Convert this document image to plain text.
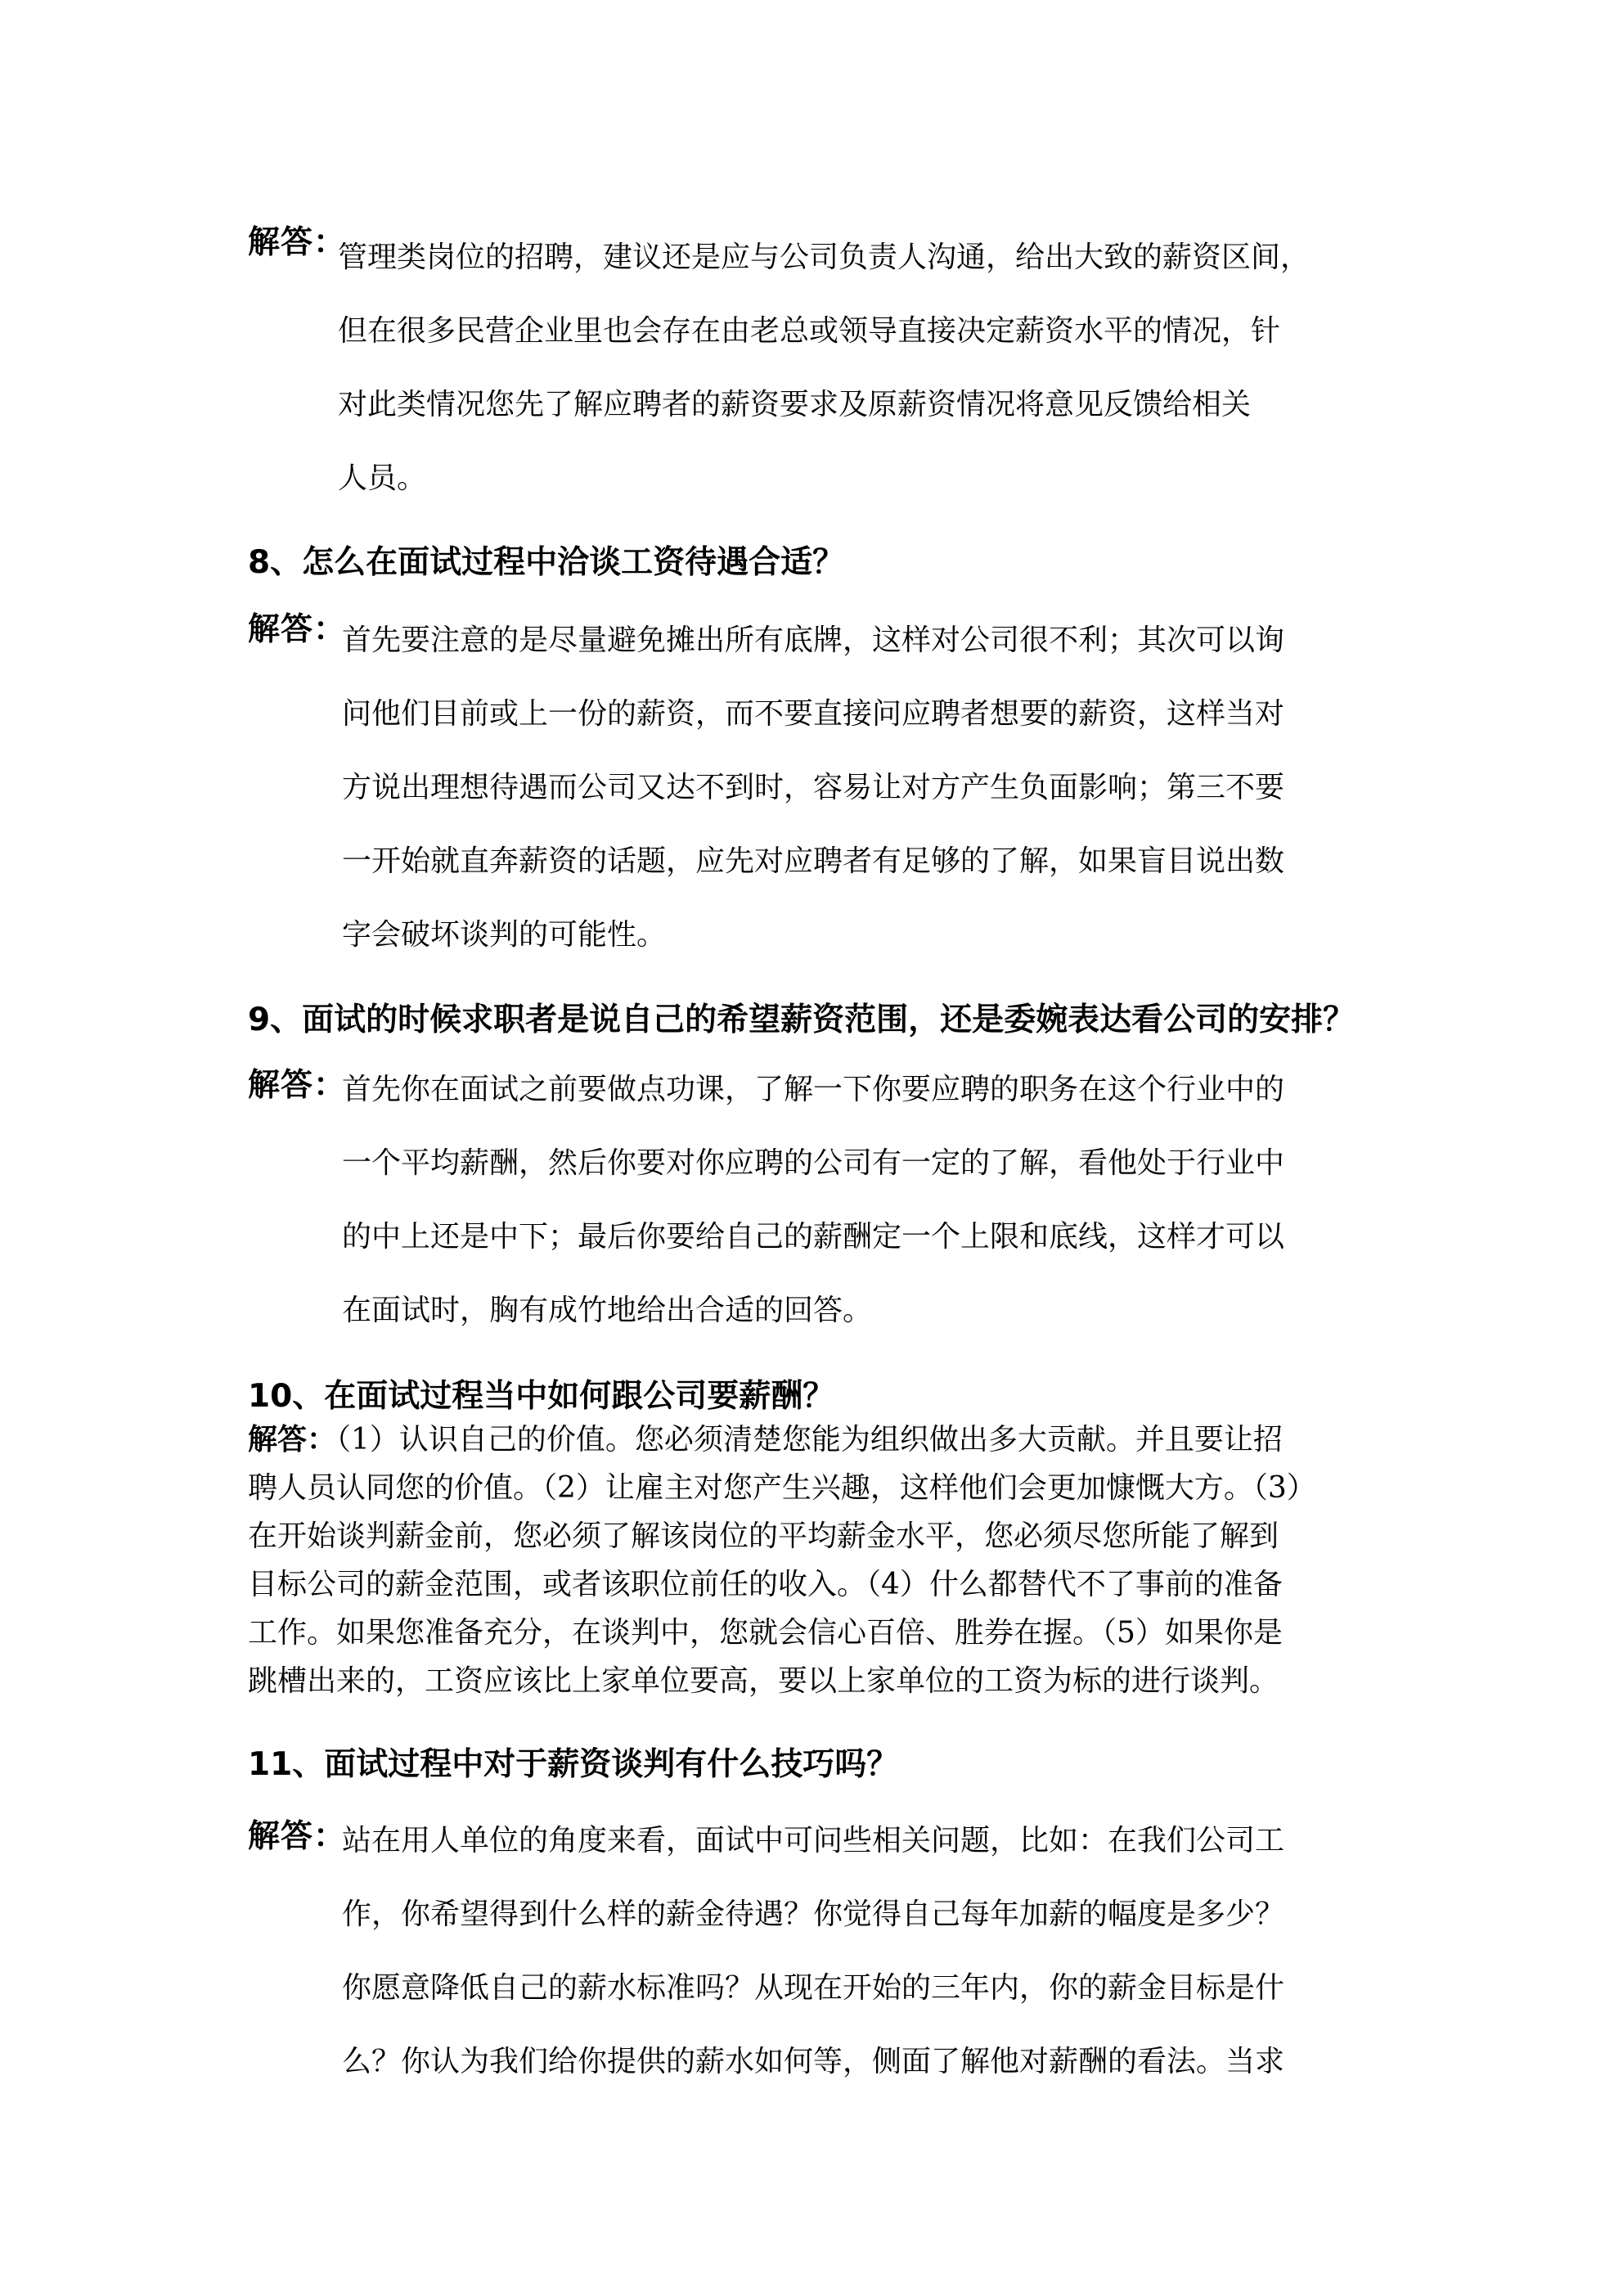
解答：
管理类岗位的招聘，建议还是应与公司负责人沟通，给出大致的薪资区间，
但在很多民营企业里也会存在由老总或领导直接决定薪资水平的情况，针
对此类情况您先了解应聘者的薪资要求及原薪资情况将意见反馈给相关
人员。
8、怎么在面试过程中洽谈工资待遇合适？
解答：
首先要注意的是尽量避免摊出所有底牌，这样对公司很不利；其次可以询
问他们目前或上一份的薪资，而不要直接问应聘者想要的薪资，这样当对
方说出理想待遇而公司又达不到时，容易让对方产生负面影响；第三不要
一开始就直奔薪资的话题，应先对应聘者有足够的了解，如果盲目说出数
字会破坏谈判的可能性。
9、面试的时候求职者是说自己的希望薪资范围，还是委婉表达看公司的安排？
解答：
首先你在面试之前要做点功课，了解一下你要应聘的职务在这个行业中的
一个平均薪酬，然后你要对你应聘的公司有一定的了解，看他处于行业中
的中上还是中下；最后你要给自己的薪酬定一个上限和底线，这样才可以
在面试时，胸有成竹地给出合适的回答。
10、在面试过程当中如何跟公司要薪酬？
解答：（1）认识自己的价值。您必须清楚您能为组织做出多大贡献。并且要让招
聘人员认同您的价值。（2）让雇主对您产生兴趣，这样他们会更加慷慨大方。（3）
在开始谈判薪金前，您必须了解该岗位的平均薪金水平，您必须尽您所能了解到
目标公司的薪金范围，或者该职位前任的收入。（4）什么都替代不了事前的准备
工作。如果您准备充分，在谈判中，您就会信心百倍、胜券在握。（5）如果你是
跳槽出来的，工资应该比上家单位要高，要以上家单位的工资为标的进行谈判。
11、面试过程中对于薪资谈判有什么技巧吗？
解答：
站在用人单位的角度来看，面试中可问些相关问题，比如：在我们公司工
作，你希望得到什么样的薪金待遇？你觉得自己每年加薪的幅度是多少？
你愿意降低自己的薪水标准吗？从现在开始的三年内，你的薪金目标是什
么？你认为我们给你提供的薪水如何等，侧面了解他对薪酬的看法。当求
